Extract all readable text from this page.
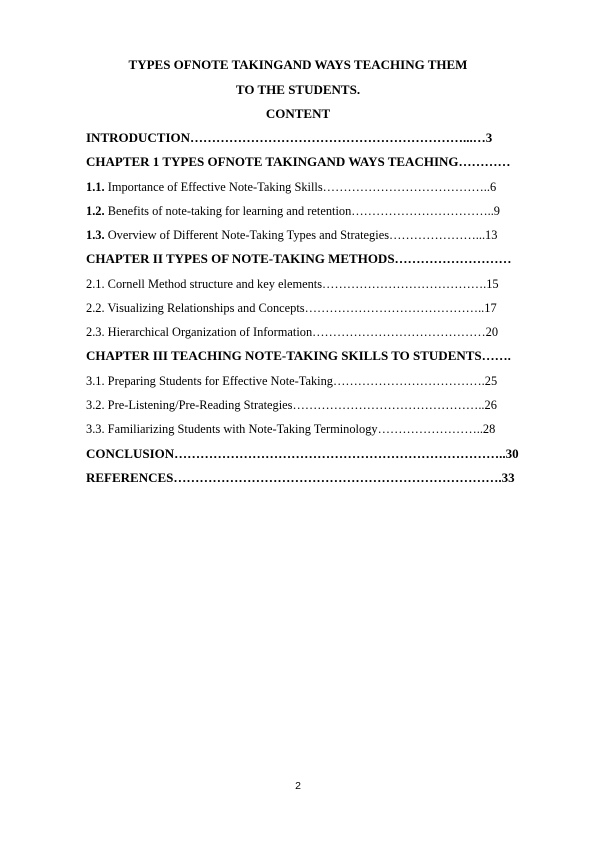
TYPES OFNOTE TAKINGAND WAYS TEACHING THEM
TO THE STUDENTS.
CONTENT
INTRODUCTION………………………………………………………...…3
CHAPTER 1 TYPES OFNOTE TAKINGAND WAYS TEACHING…………
1.1. Importance of Effective Note-Taking Skills…………………………………..6
1.2. Benefits of note-taking for learning and retention……………………………..9
1.3. Overview of Different Note-Taking Types and Strategies…………………...13
CHAPTER II TYPES OF NOTE-TAKING METHODS………………………
2.1. Cornell Method structure and key elements………………………………….15
2.2. Visualizing Relationships and Concepts……………………………………..17
2.3. Hierarchical Organization of Information……………………………………20
CHAPTER III TEACHING NOTE-TAKING SKILLS TO STUDENTS…….
3.1. Preparing Students for Effective Note-Taking……………………………….25
3.2. Pre-Listening/Pre-Reading Strategies………………………………………..26
3.3. Familiarizing Students with Note-Taking Terminology……………………..28
CONCLUSION…………………………………………………………………..30
REFERENCES………………………………………………………………….33
2
